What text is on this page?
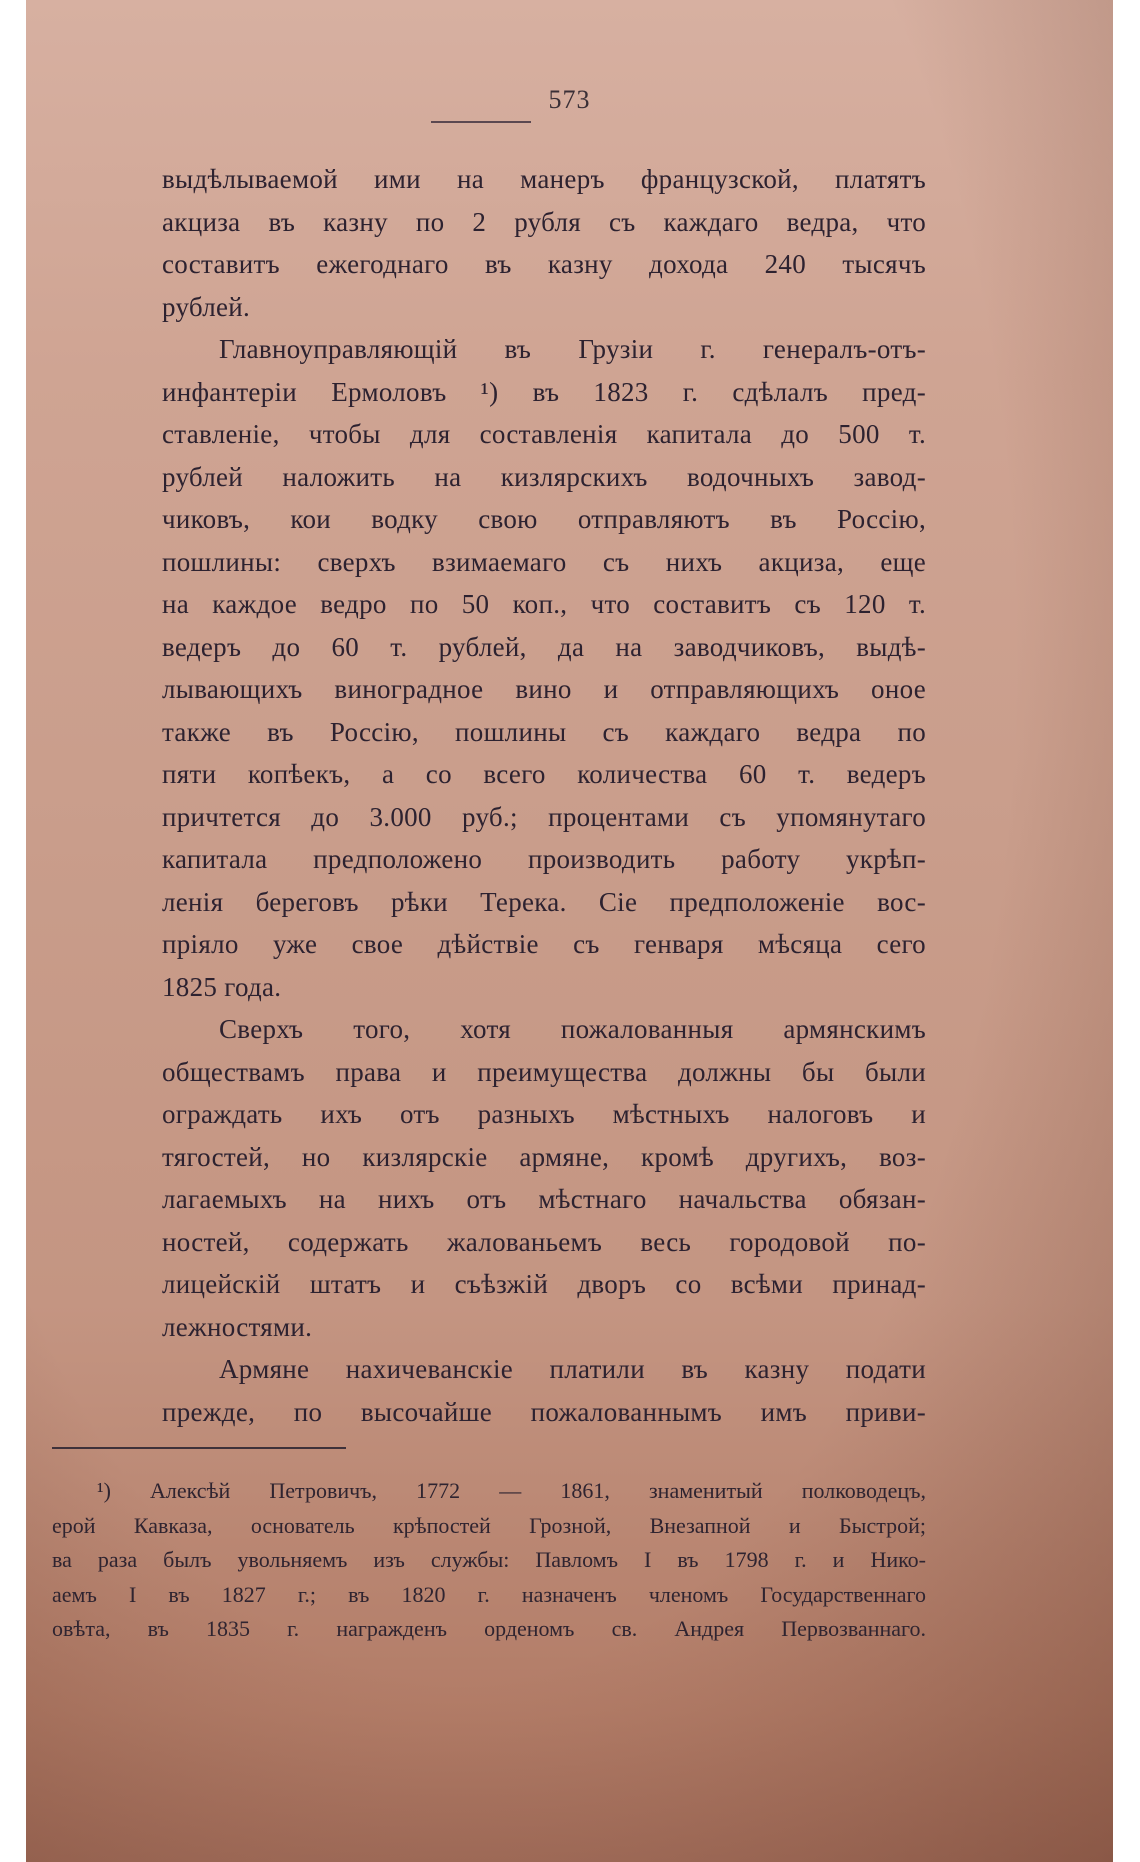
573
выдѣлываемой ими на манеръ французской, платятъ
акциза въ казну по 2 рубля съ каждаго ведра, что
составитъ ежегоднаго въ казну дохода 240 тысячъ
рублей.
Главноуправляющій въ Грузіи г. генералъ-отъ-
инфантеріи Ермоловъ ¹) въ 1823 г. сдѣлалъ пред-
ставленіе, чтобы для составленія капитала до 500 т.
рублей наложить на кизлярскихъ водочныхъ завод-
чиковъ, кои водку свою отправляютъ въ Россію,
пошлины: сверхъ взимаемаго съ нихъ акциза, еще
на каждое ведро по 50 коп., что составитъ съ 120 т.
ведеръ до 60 т. рублей, да на заводчиковъ, выдѣ-
лывающихъ виноградное вино и отправляющихъ оное
также въ Россію, пошлины съ каждаго ведра по
пяти копѣекъ, а со всего количества 60 т. ведеръ
причтется до 3.000 руб.; процентами съ упомянутаго
капитала предположено производить работу укрѣп-
ленія береговъ рѣки Терека. Сіе предположеніе вос-
пріяло уже свое дѣйствіе съ генваря мѣсяца сего
1825 года.
Сверхъ того, хотя пожалованныя армянскимъ
обществамъ права и преимущества должны бы были
ограждать ихъ отъ разныхъ мѣстныхъ налоговъ и
тягостей, но кизлярскіе армяне, кромѣ другихъ, воз-
лагаемыхъ на нихъ отъ мѣстнаго начальства обязан-
ностей, содержать жалованьемъ весь городовой по-
лицейскій штатъ и съѣзжій дворъ со всѣми принад-
лежностями.
Армяне нахичеванскіе платили въ казну подати
прежде, по высочайше пожалованнымъ имъ приви-
¹) Алексѣй Петровичъ, 1772 — 1861, знаменитый полководецъ,
ерой Кавказа, основатель крѣпостей Грозной, Внезапной и Быстрой;
ва раза былъ увольняемъ изъ службы: Павломъ I въ 1798 г. и Нико-
аемъ I въ 1827 г.; въ 1820 г. назначенъ членомъ Государственнаго
овѣта, въ 1835 г. награжденъ орденомъ св. Андрея Первозваннаго.
